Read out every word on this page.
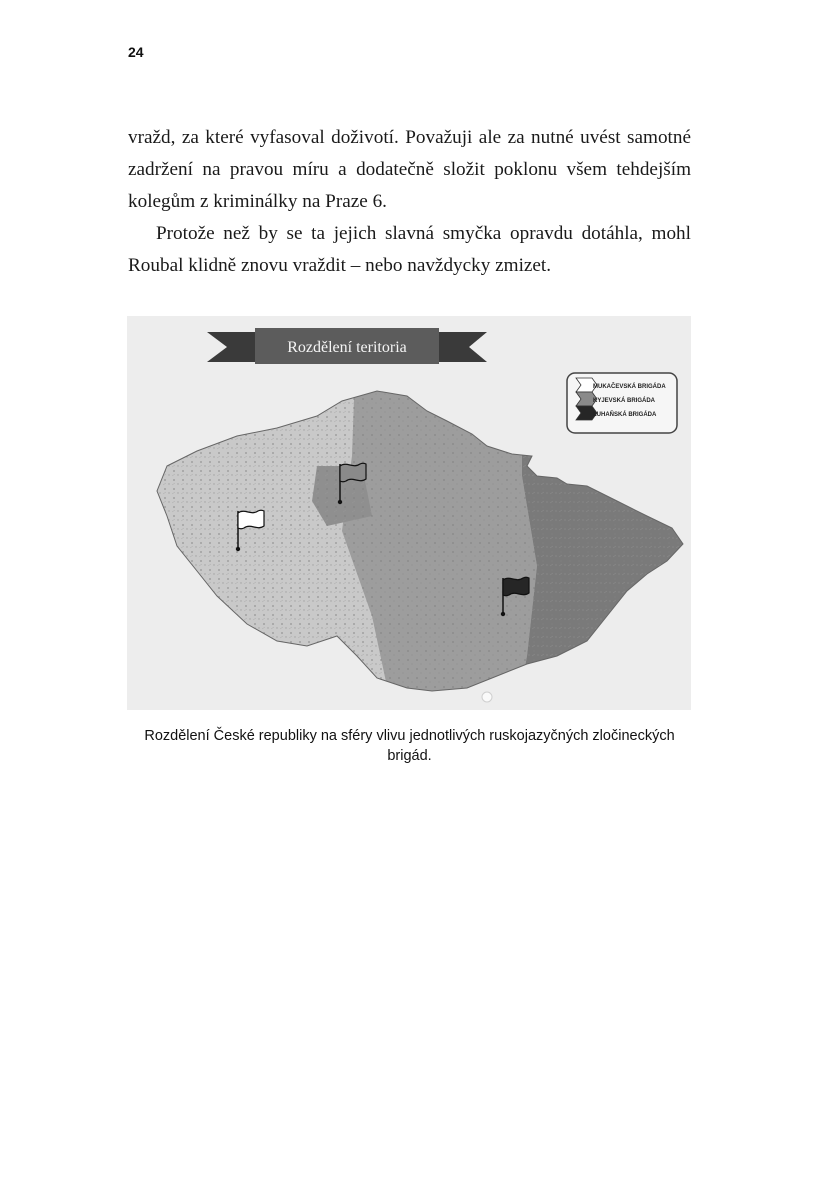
24

vražd, za které vyfasoval doživotí. Považuji ale za nutné uvést samotné zadržení na pravou míru a dodatečně složit poklonu všem tehdejším kolegům z kriminálky na Praze 6.

Protože než by se ta jejich slavná smyčka opravdu dotáhla, mohl Roubal klidně znovu vraždit – nebo navždycky zmizet.

Rozdělení teritoria
MUKAČEVSKÁ BRIGÁDA
KYJEVSKÁ BRIGÁDA
LUHAŇSKÁ BRIGÁDA
Rozdělení České republiky na sféry vlivu jednotlivých ruskojazyčných zločineckých brigád.
